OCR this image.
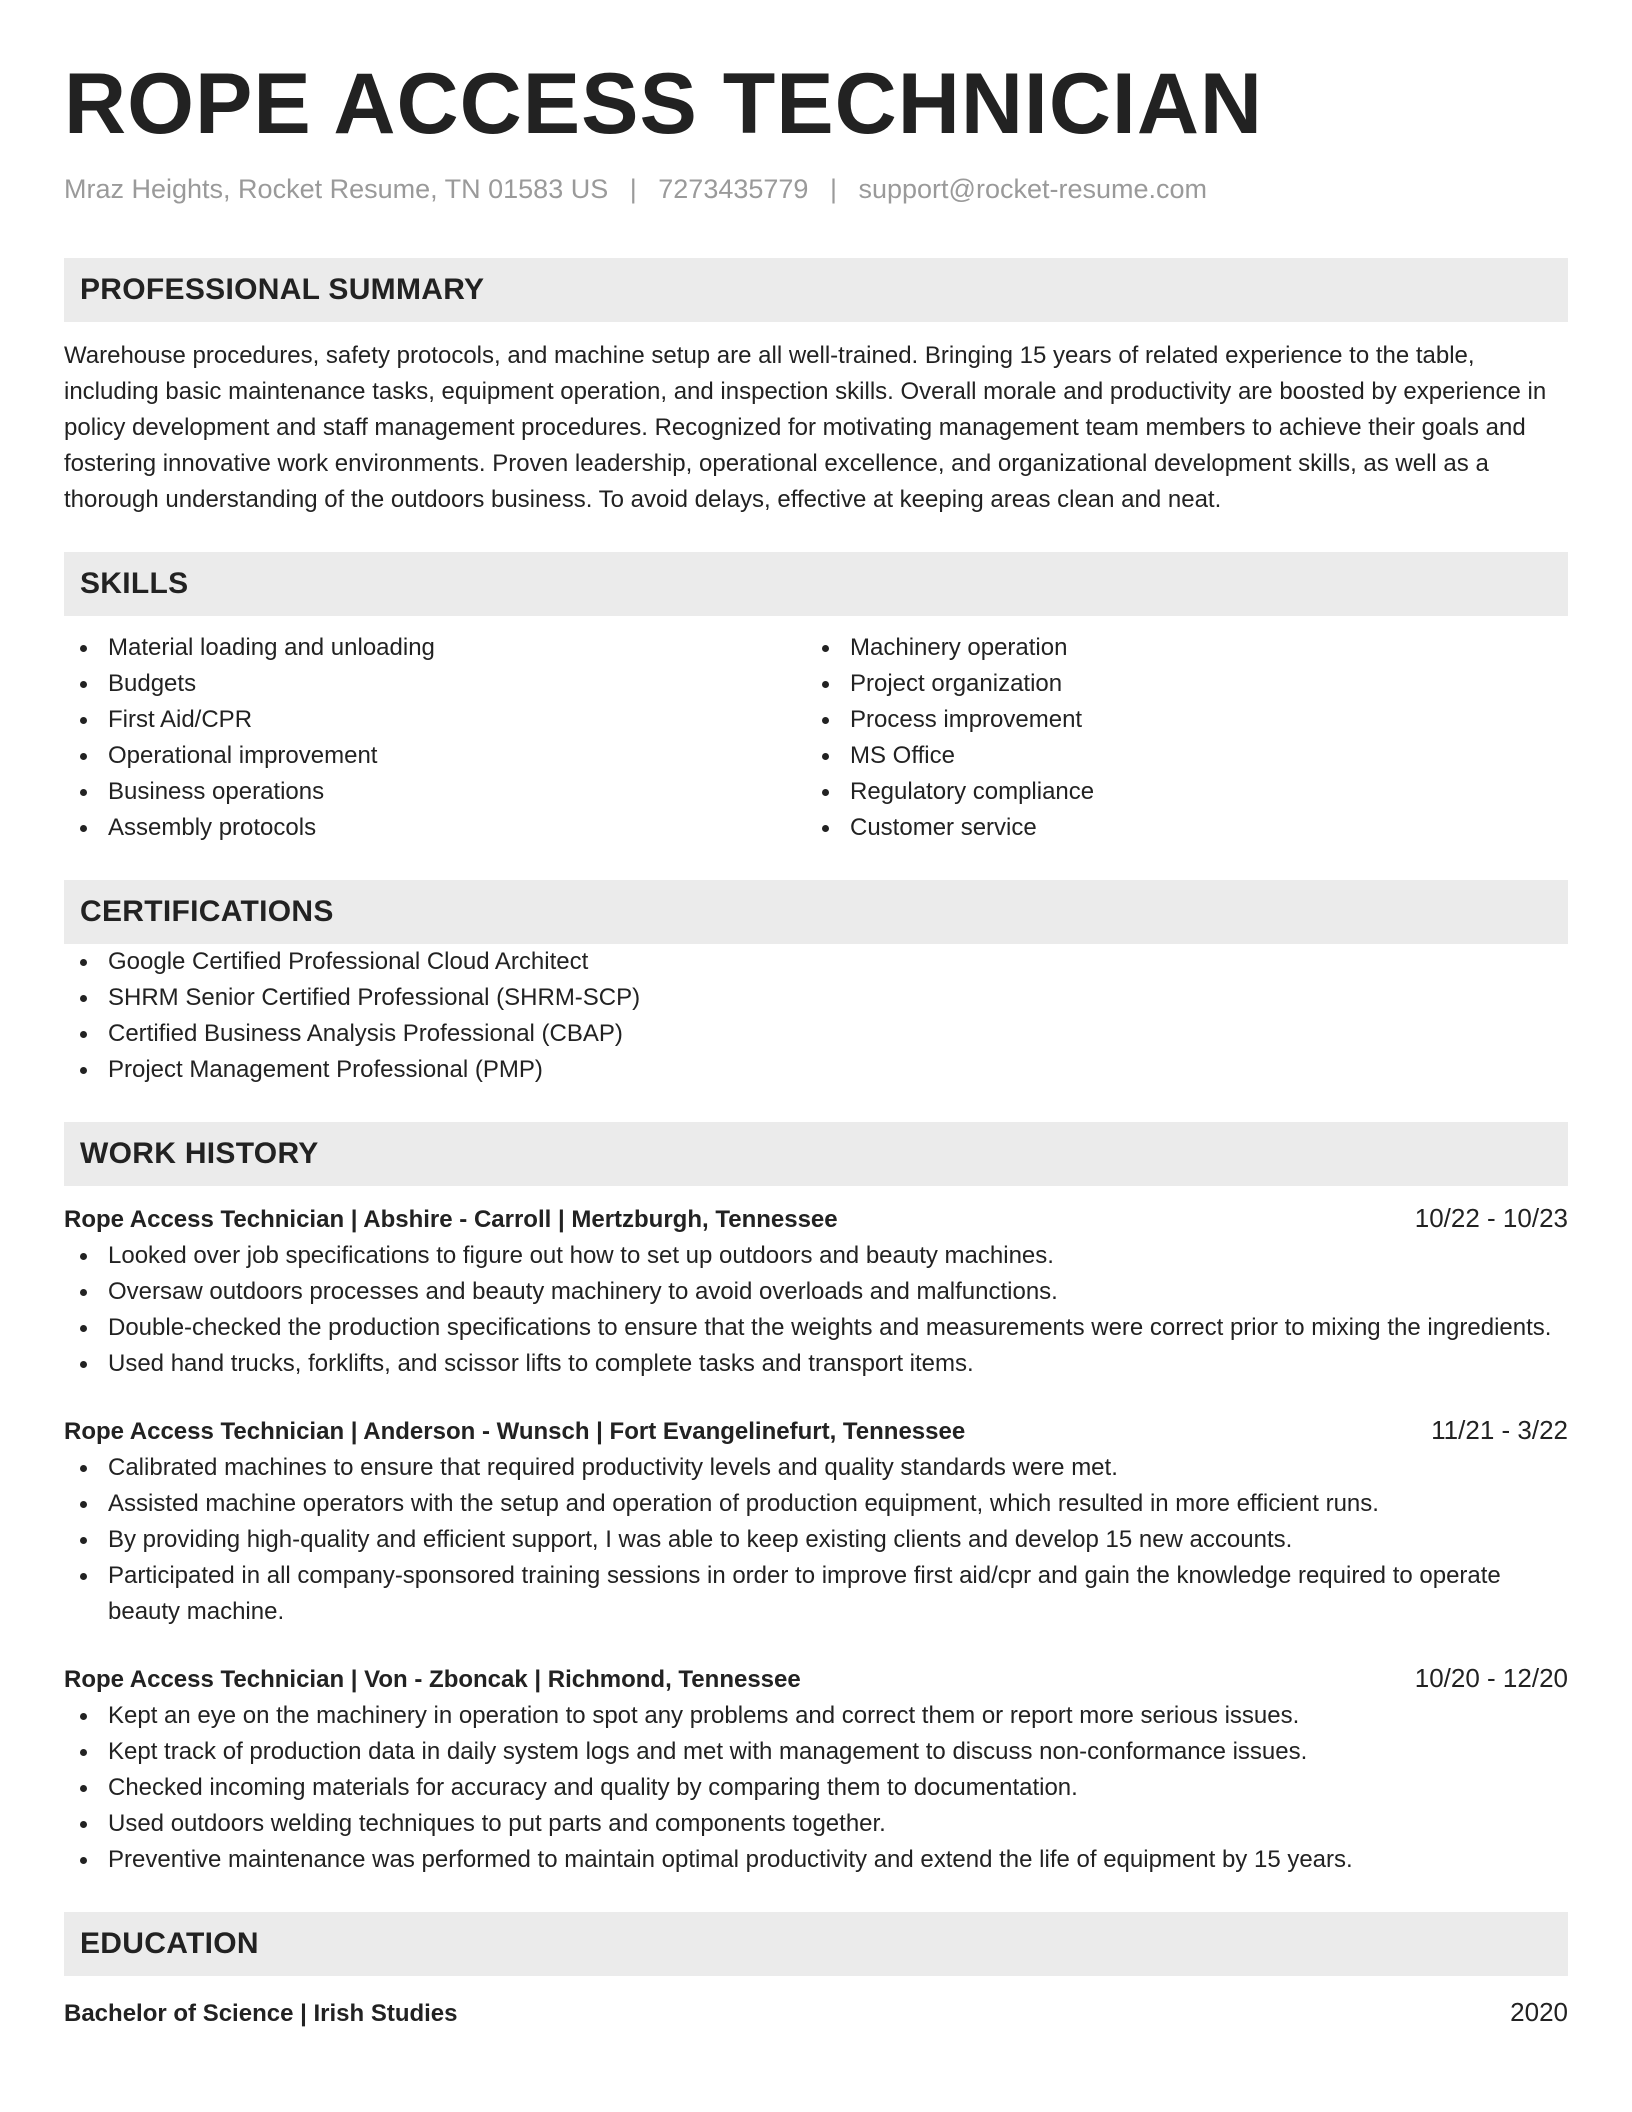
ROPE ACCESS TECHNICIAN
Mraz Heights, Rocket Resume, TN 01583 US | 7273435779 | support@rocket-resume.com
PROFESSIONAL SUMMARY
Warehouse procedures, safety protocols, and machine setup are all well-trained. Bringing 15 years of related experience to the table, including basic maintenance tasks, equipment operation, and inspection skills. Overall morale and productivity are boosted by experience in policy development and staff management procedures. Recognized for motivating management team members to achieve their goals and fostering innovative work environments. Proven leadership, operational excellence, and organizational development skills, as well as a thorough understanding of the outdoors business. To avoid delays, effective at keeping areas clean and neat.
SKILLS
Material loading and unloading
Budgets
First Aid/CPR
Operational improvement
Business operations
Assembly protocols
Machinery operation
Project organization
Process improvement
MS Office
Regulatory compliance
Customer service
CERTIFICATIONS
Google Certified Professional Cloud Architect
SHRM Senior Certified Professional (SHRM-SCP)
Certified Business Analysis Professional (CBAP)
Project Management Professional (PMP)
WORK HISTORY
Rope Access Technician | Abshire - Carroll | Mertzburgh, Tennessee	10/22 - 10/23
Looked over job specifications to figure out how to set up outdoors and beauty machines.
Oversaw outdoors processes and beauty machinery to avoid overloads and malfunctions.
Double-checked the production specifications to ensure that the weights and measurements were correct prior to mixing the ingredients.
Used hand trucks, forklifts, and scissor lifts to complete tasks and transport items.
Rope Access Technician | Anderson - Wunsch | Fort Evangelinefurt, Tennessee	11/21 - 3/22
Calibrated machines to ensure that required productivity levels and quality standards were met.
Assisted machine operators with the setup and operation of production equipment, which resulted in more efficient runs.
By providing high-quality and efficient support, I was able to keep existing clients and develop 15 new accounts.
Participated in all company-sponsored training sessions in order to improve first aid/cpr and gain the knowledge required to operate beauty machine.
Rope Access Technician | Von - Zboncak | Richmond, Tennessee	10/20 - 12/20
Kept an eye on the machinery in operation to spot any problems and correct them or report more serious issues.
Kept track of production data in daily system logs and met with management to discuss non-conformance issues.
Checked incoming materials for accuracy and quality by comparing them to documentation.
Used outdoors welding techniques to put parts and components together.
Preventive maintenance was performed to maintain optimal productivity and extend the life of equipment by 15 years.
EDUCATION
Bachelor of Science | Irish Studies	2020
